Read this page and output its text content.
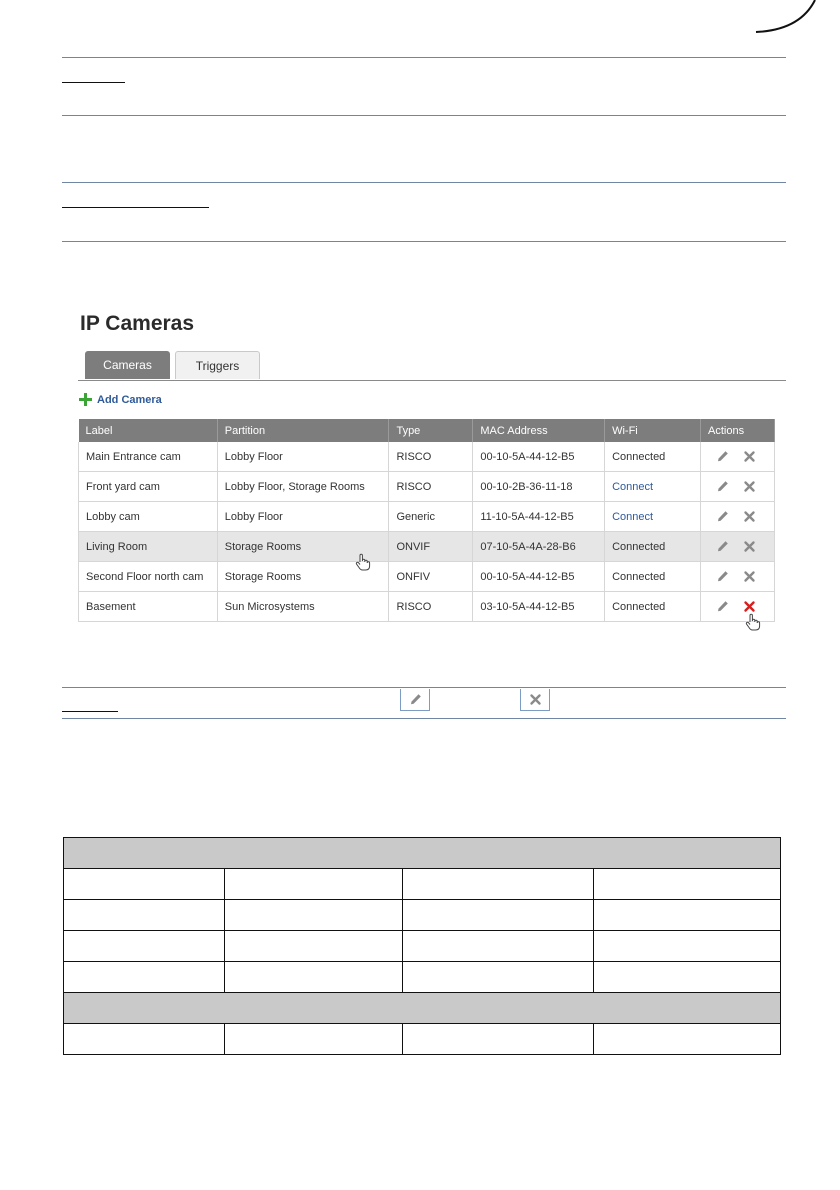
IP Cameras
Cameras	Triggers
Add Camera
Label	Partition	Type	MAC Address	Wi-Fi	Actions
Main Entrance cam	Lobby Floor	RISCO	00-10-5A-44-12-B5	Connected	

Front yard cam	Lobby Floor, Storage Rooms	RISCO	00-10-2B-36-11-18	Connect	

Lobby cam	Lobby Floor	Generic	11-10-5A-44-12-B5	Connect	

Living Room	Storage Rooms	ONVIF	07-10-5A-4A-28-B6	Connected	

Second Floor north cam	Storage Rooms	ONFIV	00-10-5A-44-12-B5	Connected	

Basement	Sun Microsystems	RISCO	03-10-5A-44-12-B5	Connected	
